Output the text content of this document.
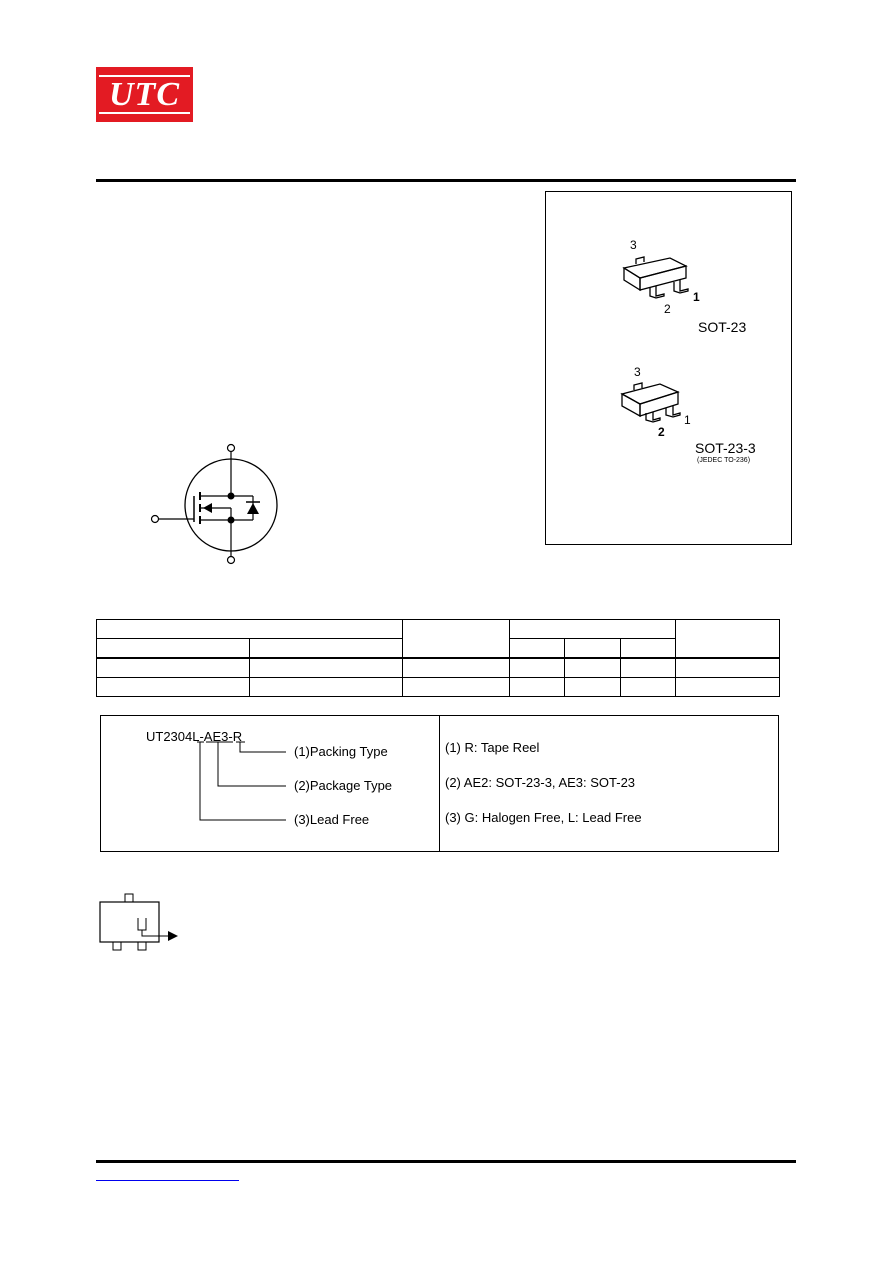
UTC
3
2
1
SOT-23
3
2
1
SOT-23-3
(JEDEC TO-236)

UT2304L-AE3-R
(1)Packing Type
(2)Package Type
(3)Lead Free
(1) R: Tape Reel
(2) AE2: SOT-23-3, AE3: SOT-23
(3) G: Halogen Free, L: Lead Free
